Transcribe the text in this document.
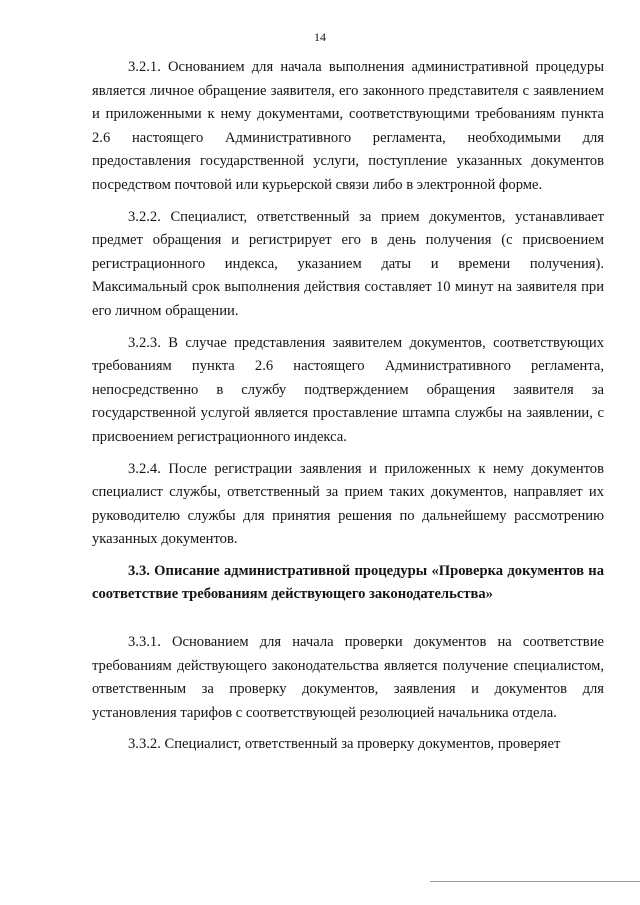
14

3.2.1. Основанием для начала выполнения административной процедуры является личное обращение заявителя, его законного представителя с заявлением и приложенными к нему документами, соответствующими требованиям пункта 2.6 настоящего Административного регламента, необходимыми для предоставления государственной услуги, поступление указанных документов посредством почтовой или курьерской связи либо в электронной форме.

3.2.2. Специалист, ответственный за прием документов, устанавливает предмет обращения и регистрирует его в день получения (с присвоением регистрационного индекса, указанием даты и времени получения). Максимальный срок выполнения действия составляет 10 минут на заявителя при его личном обращении.

3.2.3. В случае представления заявителем документов, соответствующих требованиям пункта 2.6 настоящего Административного регламента, непосредственно в службу подтверждением обращения заявителя за государственной услугой является проставление штампа службы на заявлении, с присвоением регистрационного индекса.

3.2.4. После регистрации заявления и приложенных к нему документов специалист службы, ответственный за прием таких документов, направляет их руководителю службы для принятия решения по дальнейшему рассмотрению указанных документов.

3.3. Описание административной процедуры «Проверка документов на соответствие требованиям действующего законодательства»

3.3.1. Основанием для начала проверки документов на соответствие требованиям действующего законодательства является получение специалистом, ответственным за проверку документов, заявления и документов для установления тарифов с соответствующей резолюцией начальника отдела.

3.3.2. Специалист, ответственный за проверку документов, проверяет
